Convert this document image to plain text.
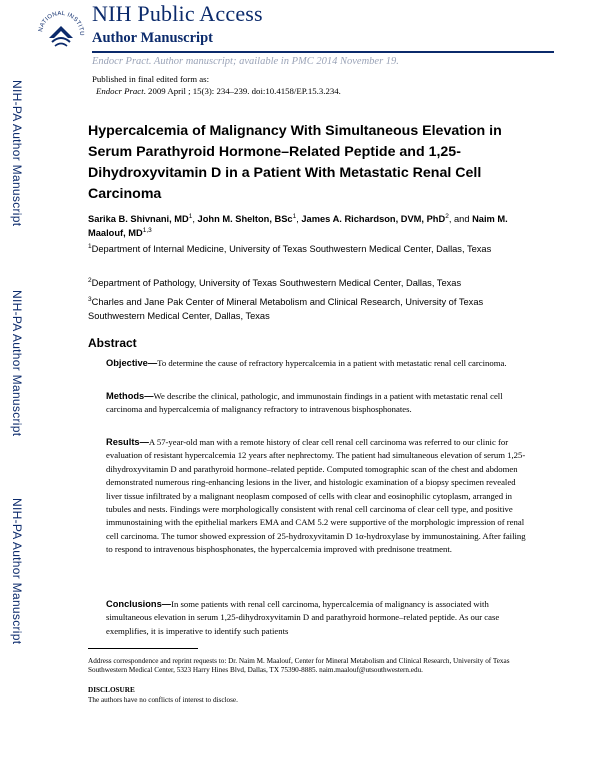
NATIONAL INSTITU
NIH Public Access
Author Manuscript
Endocr Pract. Author manuscript; available in PMC 2014 November 19.
Published in final edited form as:
Endocr Pract. 2009 April ; 15(3): 234–239. doi:10.4158/EP.15.3.234.
NIH-PA Author Manuscript
NIH-PA Author Manuscript
NIH-PA Author Manuscript
Hypercalcemia of Malignancy With Simultaneous Elevation in Serum Parathyroid Hormone–Related Peptide and 1,25-Dihydroxyvitamin D in a Patient With Metastatic Renal Cell Carcinoma
Sarika B. Shivnani, $MD^1$, John M. Shelton, BSc$^1$, James A. Richardson, DVM, PhD$^2$, and Naim M. Maalouf, MD$^{1,3}$
$^1$Department of Internal Medicine, University of Texas Southwestern Medical Center, Dallas, Texas
$^2$Department of Pathology, University of Texas Southwestern Medical Center, Dallas, Texas
$^3$Charles and Jane Pak Center of Mineral Metabolism and Clinical Research, University of Texas Southwestern Medical Center, Dallas, Texas
Abstract
Objective—To determine the cause of refractory hypercalcemia in a patient with metastatic renal cell carcinoma.
Methods—We describe the clinical, pathologic, and immunostain findings in a patient with metastatic renal cell carcinoma and hypercalcemia of malignancy refractory to intravenous bisphosphonates.
Results—A 57-year-old man with a remote history of clear cell renal cell carcinoma was referred to our clinic for evaluation of resistant hypercalcemia 12 years after nephrectomy. The patient had simultaneous elevation of serum 1,25-dihydroxyvitamin D and parathyroid hormone–related peptide. Computed tomographic scan of the chest and abdomen demonstrated numerous ring-enhancing lesions in the liver, and histologic examination of a biopsy specimen revealed liver tissue infiltrated by a malignant neoplasm composed of cells with clear and eosinophilic cytoplasm, arranged in tubules and nests. Findings were morphologically consistent with renal cell carcinoma of clear cell type, and positive immunostaining with the epithelial markers EMA and CAM 5.2 were supportive of the morphologic impression of renal cell carcinoma. The tumor showed expression of 25-hydroxyvitamin D 1α-hydroxylase by immunostaining. After failing to respond to intravenous bisphosphonates, the hypercalcemia improved with prednisone treatment.
Conclusions—In some patients with renal cell carcinoma, hypercalcemia of malignancy is associated with simultaneous elevation in serum 1,25-dihydroxyvitamin D and parathyroid hormone–related peptide. As our case exemplifies, it is imperative to identify such patients
Address correspondence and reprint requests to: Dr. Naim M. Maalouf, Center for Mineral Metabolism and Clinical Research, University of Texas Southwestern Medical Center, 5323 Harry Hines Blvd, Dallas, TX 75390-8885. naim.maalouf@utsouthwestern.edu.
DISCLOSURE
The authors have no conflicts of interest to disclose.
